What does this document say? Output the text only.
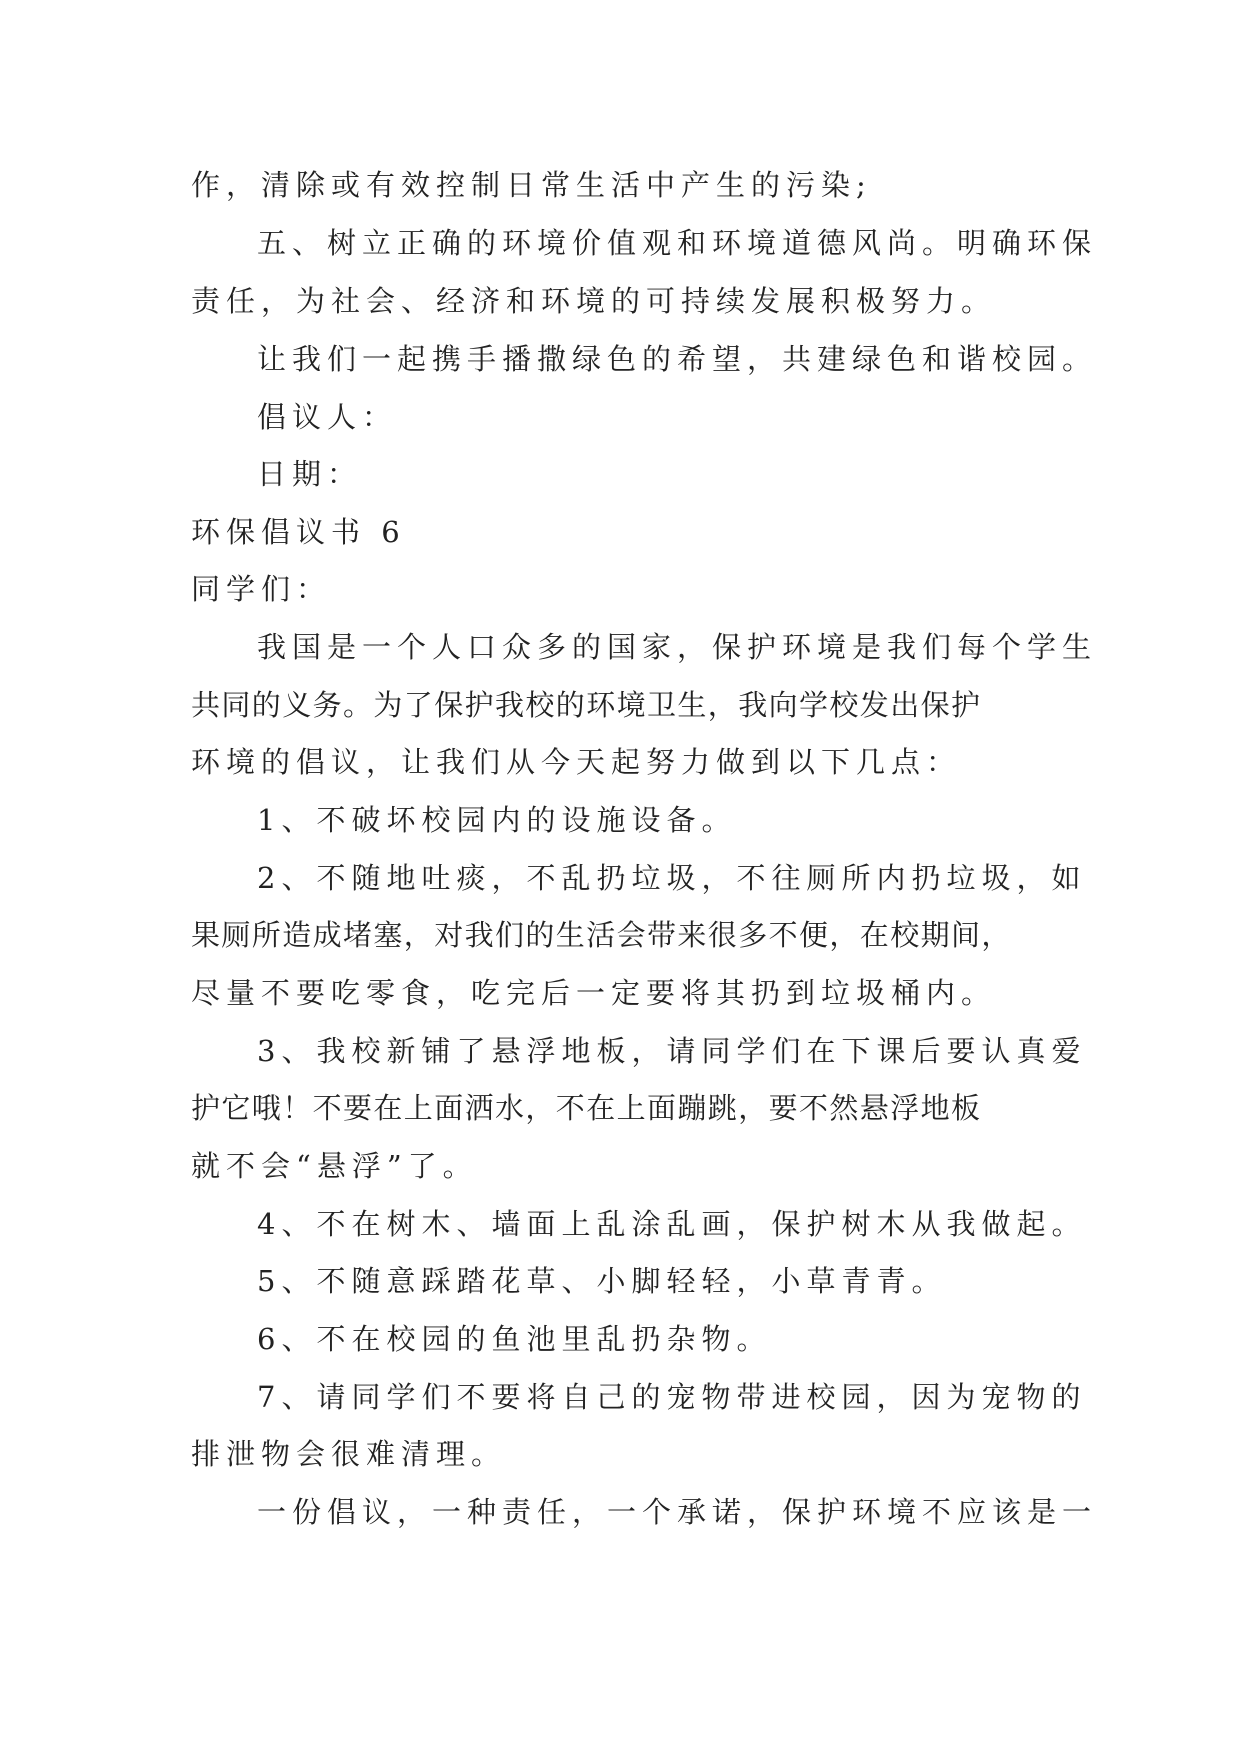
作，清除或有效控制日常生活中产生的污染;

五、树立正确的环境价值观和环境道德风尚。明确环保

责任，为社会、经济和环境的可持续发展积极努力。

让我们一起携手播撒绿色的希望，共建绿色和谐校园。

倡议人：

日期：

环保倡议书 6

同学们：

我国是一个人口众多的国家，保护环境是我们每个学生

共同的义务。为了保护我校的环境卫生，我向学校发出保护

环境的倡议，让我们从今天起努力做到以下几点：

1、不破坏校园内的设施设备。

2、不随地吐痰，不乱扔垃圾，不往厕所内扔垃圾，如

果厕所造成堵塞，对我们的生活会带来很多不便，在校期间，

尽量不要吃零食，吃完后一定要将其扔到垃圾桶内。

3、我校新铺了悬浮地板，请同学们在下课后要认真爱

护它哦！不要在上面洒水，不在上面蹦跳，要不然悬浮地板

就不会“悬浮”了。

4、不在树木、墙面上乱涂乱画，保护树木从我做起。

5、不随意踩踏花草、小脚轻轻，小草青青。

6、不在校园的鱼池里乱扔杂物。

7、请同学们不要将自己的宠物带进校园，因为宠物的

排泄物会很难清理。

一份倡议，一种责任，一个承诺，保护环境不应该是一
